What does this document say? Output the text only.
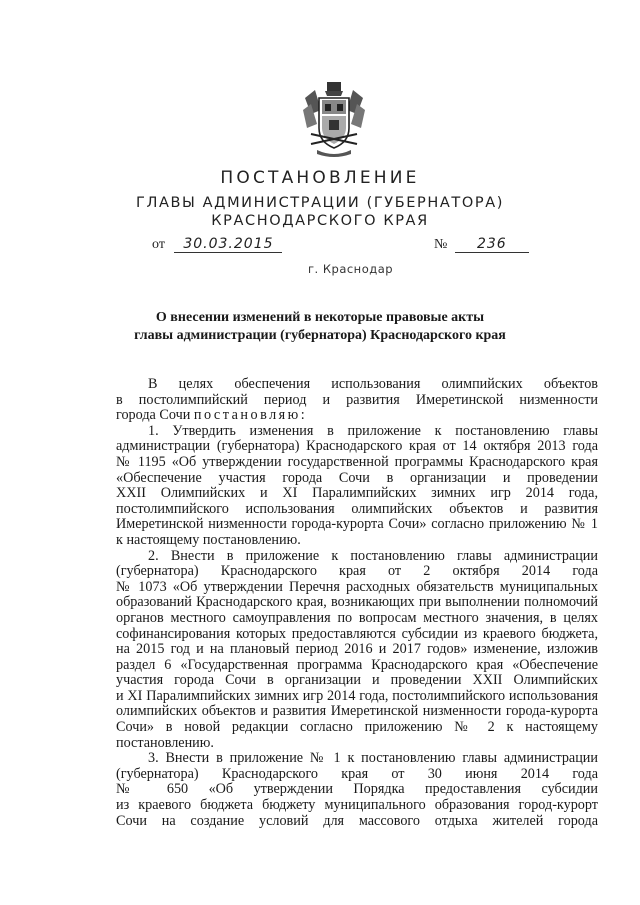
ПОСТАНОВЛЕНИЕ
ГЛАВЫ АДМИНИСТРАЦИИ (ГУБЕРНАТОРА)
КРАСНОДАРСКОГО КРАЯ
от 30.03.2015	№ 236
г. Краснодар
О внесении изменений в некоторые правовые акты
главы администрации (губернатора) Краснодарского края
В целях обеспечения использования олимпийских объектов
в постолимпийский период и развития Имеретинской низменности
города Сочи постановляю:
1. Утвердить изменения в приложение к постановлению главы
администрации (губернатора) Краснодарского края от 14 октября 2013 года
№ 1195 «Об утверждении государственной программы Краснодарского края
«Обеспечение участия города Сочи в организации и проведении
XXII Олимпийских и XI Паралимпийских зимних игр 2014 года,
постолимпийского использования олимпийских объектов и развития
Имеретинской низменности города-курорта Сочи» согласно приложению № 1
к настоящему постановлению.
2. Внести в приложение к постановлению главы администрации
(губернатора) Краснодарского края от 2 октября 2014 года
№ 1073 «Об утверждении Перечня расходных обязательств муниципальных
образований Краснодарского края, возникающих при выполнении полномочий
органов местного самоуправления по вопросам местного значения, в целях
софинансирования которых предоставляются субсидии из краевого бюджета,
на 2015 год и на плановый период 2016 и 2017 годов» изменение, изложив
раздел 6 «Государственная программа Краснодарского края «Обеспечение
участия города Сочи в организации и проведении XXII Олимпийских
и XI Паралимпийских зимних игр 2014 года, постолимпийского использования
олимпийских объектов и развития Имеретинской низменности города-курорта
Сочи» в новой редакции согласно приложению № 2 к настоящему
постановлению.
3. Внести в приложение № 1 к постановлению главы администрации
(губернатора) Краснодарского края от 30 июня 2014 года
№ 650 «Об утверждении Порядка предоставления субсидии
из краевого бюджета бюджету муниципального образования город-курорт
Сочи на создание условий для массового отдыха жителей города
